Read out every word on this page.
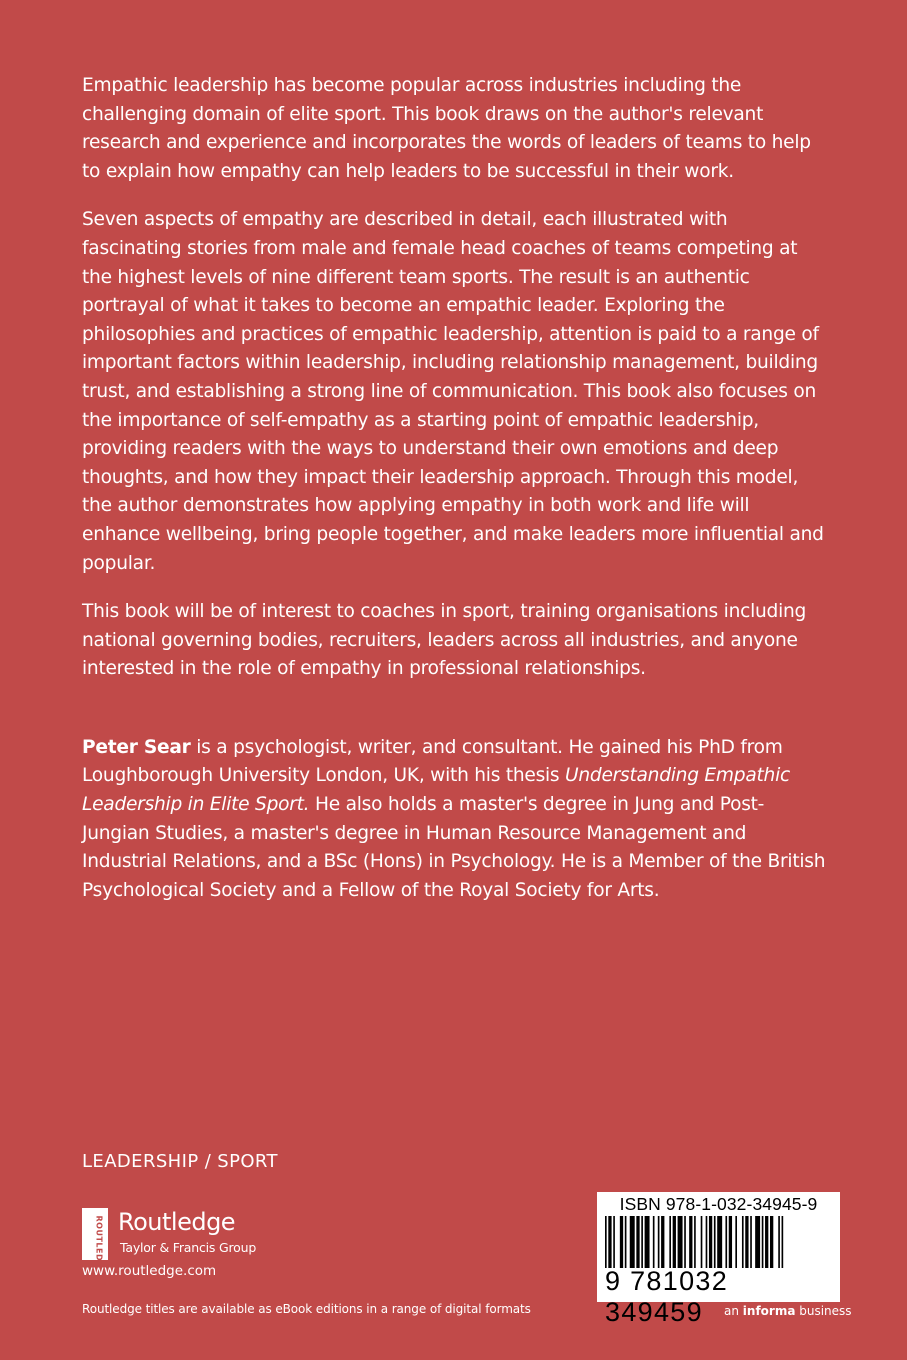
Empathic leadership has become popular across industries including the challenging domain of elite sport. This book draws on the author's relevant research and experience and incorporates the words of leaders of teams to help to explain how empathy can help leaders to be successful in their work.

Seven aspects of empathy are described in detail, each illustrated with fascinating stories from male and female head coaches of teams competing at the highest levels of nine different team sports. The result is an authentic portrayal of what it takes to become an empathic leader. Exploring the philosophies and practices of empathic leadership, attention is paid to a range of important factors within leadership, including relationship management, building trust, and establishing a strong line of communication. This book also focuses on the importance of self-empathy as a starting point of empathic leadership, providing readers with the ways to understand their own emotions and deep thoughts, and how they impact their leadership approach. Through this model, the author demonstrates how applying empathy in both work and life will enhance wellbeing, bring people together, and make leaders more influential and popular.

This book will be of interest to coaches in sport, training organisations including national governing bodies, recruiters, leaders across all industries, and anyone interested in the role of empathy in professional relationships.

Peter Sear is a psychologist, writer, and consultant. He gained his PhD from Loughborough University London, UK, with his thesis Understanding Empathic Leadership in Elite Sport. He also holds a master's degree in Jung and Post-Jungian Studies, a master's degree in Human Resource Management and Industrial Relations, and a BSc (Hons) in Psychology. He is a Member of the British Psychological Society and a Fellow of the Royal Society for Arts.

LEADERSHIP / SPORT
ROUTLEDGE Routledge
Taylor & Francis Group
www.routledge.com
Routledge titles are available as eBook editions in a range of digital formats
ISBN 978-1-032-34945-9
9 781032 349459	an informa business
